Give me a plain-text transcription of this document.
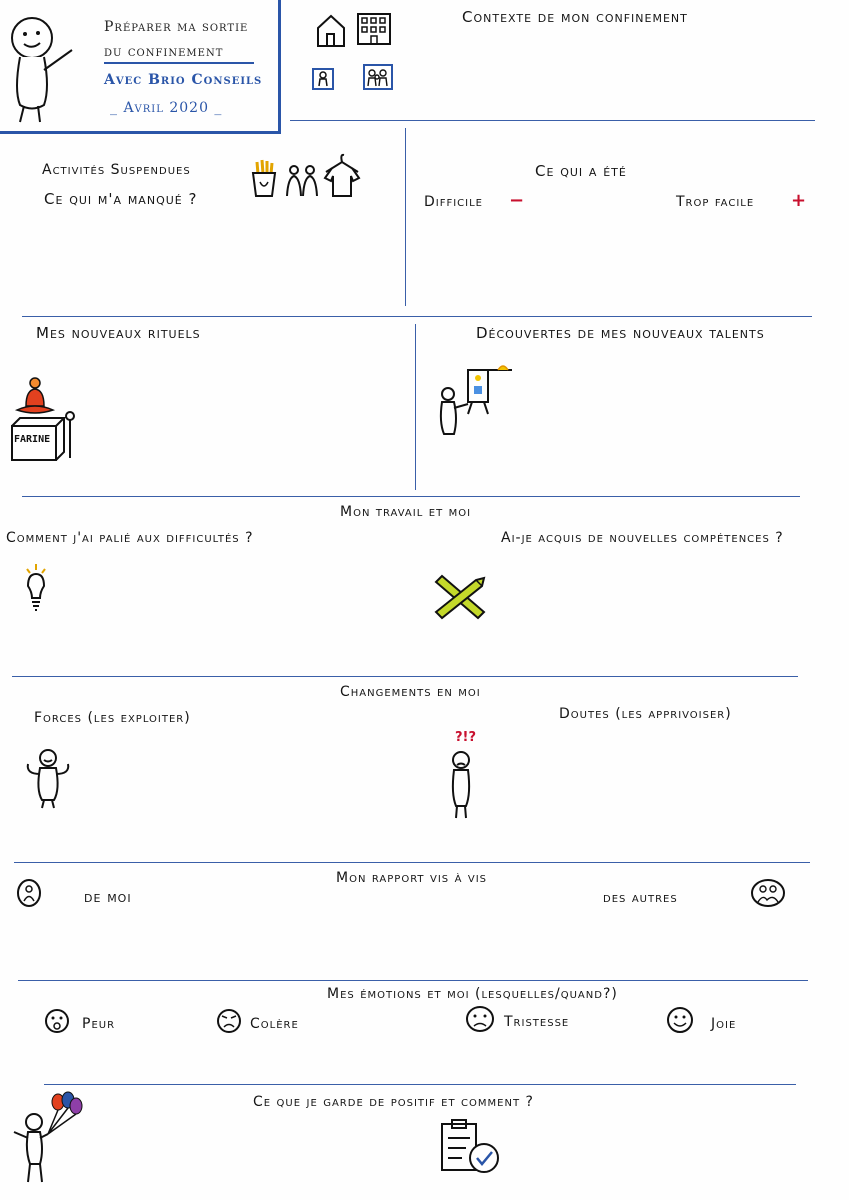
Préparer ma sortie
du confinement
Avec Brio Conseils
_ Avril 2020 _
Contexte de mon confinement
Activités Suspendues
Ce qui m'a manqué ?
Ce qui a été
Difficile −	Trop facile +
Mes nouveaux rituels
FARINE
Découvertes de mes nouveaux talents
Mon travail et moi
Comment j'ai palié aux difficultés ?	Ai-je acquis de nouvelles compétences ?
Changements en moi
Forces (les exploiter)	Doutes (les apprivoiser)
?!?
Mon rapport vis à vis
de moi	des autres
Mes émotions et moi (lesquelles/quand?)
Peur	Colère	Tristesse	Joie
Ce que je garde de positif et comment ?
